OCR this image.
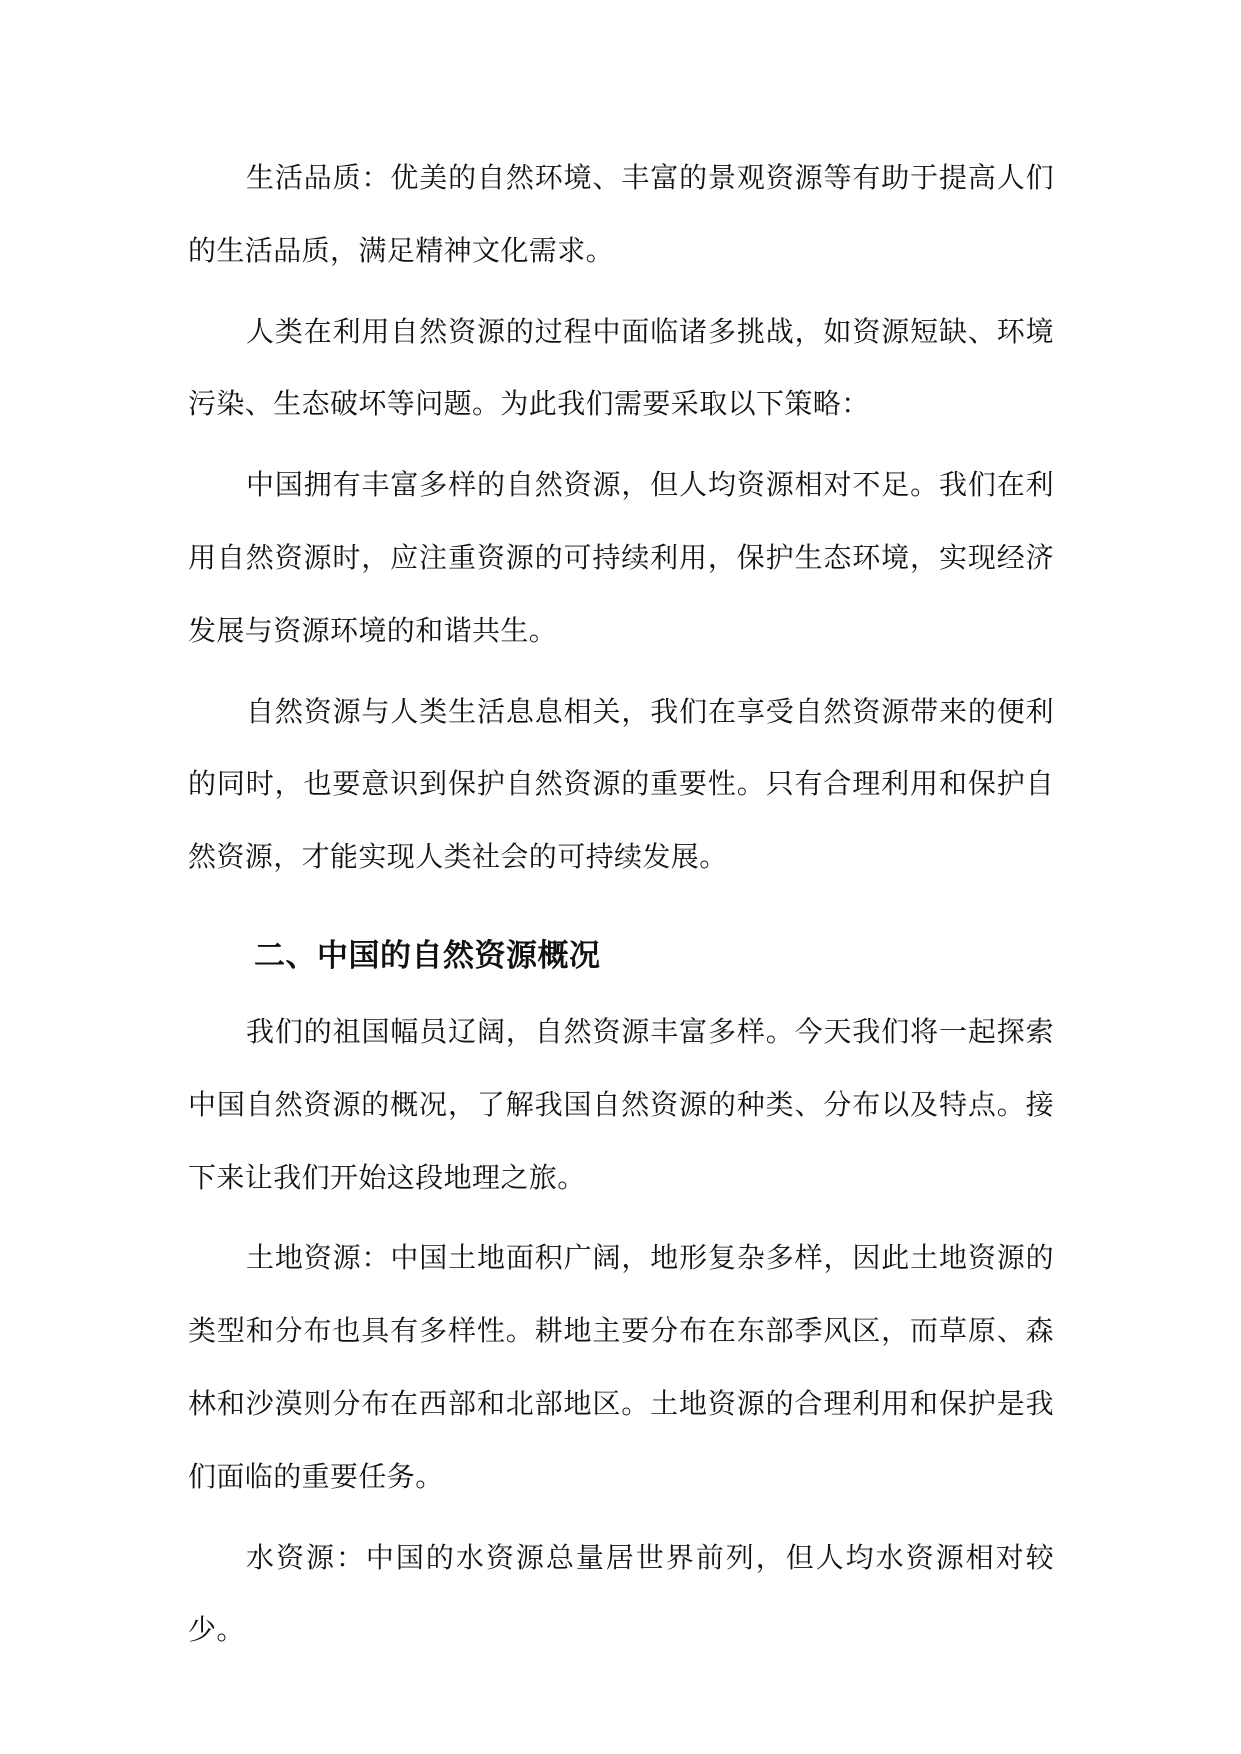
生活品质：优美的自然环境、丰富的景观资源等有助于提高人们的生活品质，满足精神文化需求。

人类在利用自然资源的过程中面临诸多挑战，如资源短缺、环境污染、生态破坏等问题。为此我们需要采取以下策略：

中国拥有丰富多样的自然资源，但人均资源相对不足。我们在利用自然资源时，应注重资源的可持续利用，保护生态环境，实现经济发展与资源环境的和谐共生。

自然资源与人类生活息息相关，我们在享受自然资源带来的便利的同时，也要意识到保护自然资源的重要性。只有合理利用和保护自然资源，才能实现人类社会的可持续发展。

二、中国的自然资源概况

我们的祖国幅员辽阔，自然资源丰富多样。今天我们将一起探索中国自然资源的概况，了解我国自然资源的种类、分布以及特点。接下来让我们开始这段地理之旅。

土地资源：中国土地面积广阔，地形复杂多样，因此土地资源的类型和分布也具有多样性。耕地主要分布在东部季风区，而草原、森林和沙漠则分布在西部和北部地区。土地资源的合理利用和保护是我们面临的重要任务。

水资源：中国的水资源总量居世界前列，但人均水资源相对较少。
